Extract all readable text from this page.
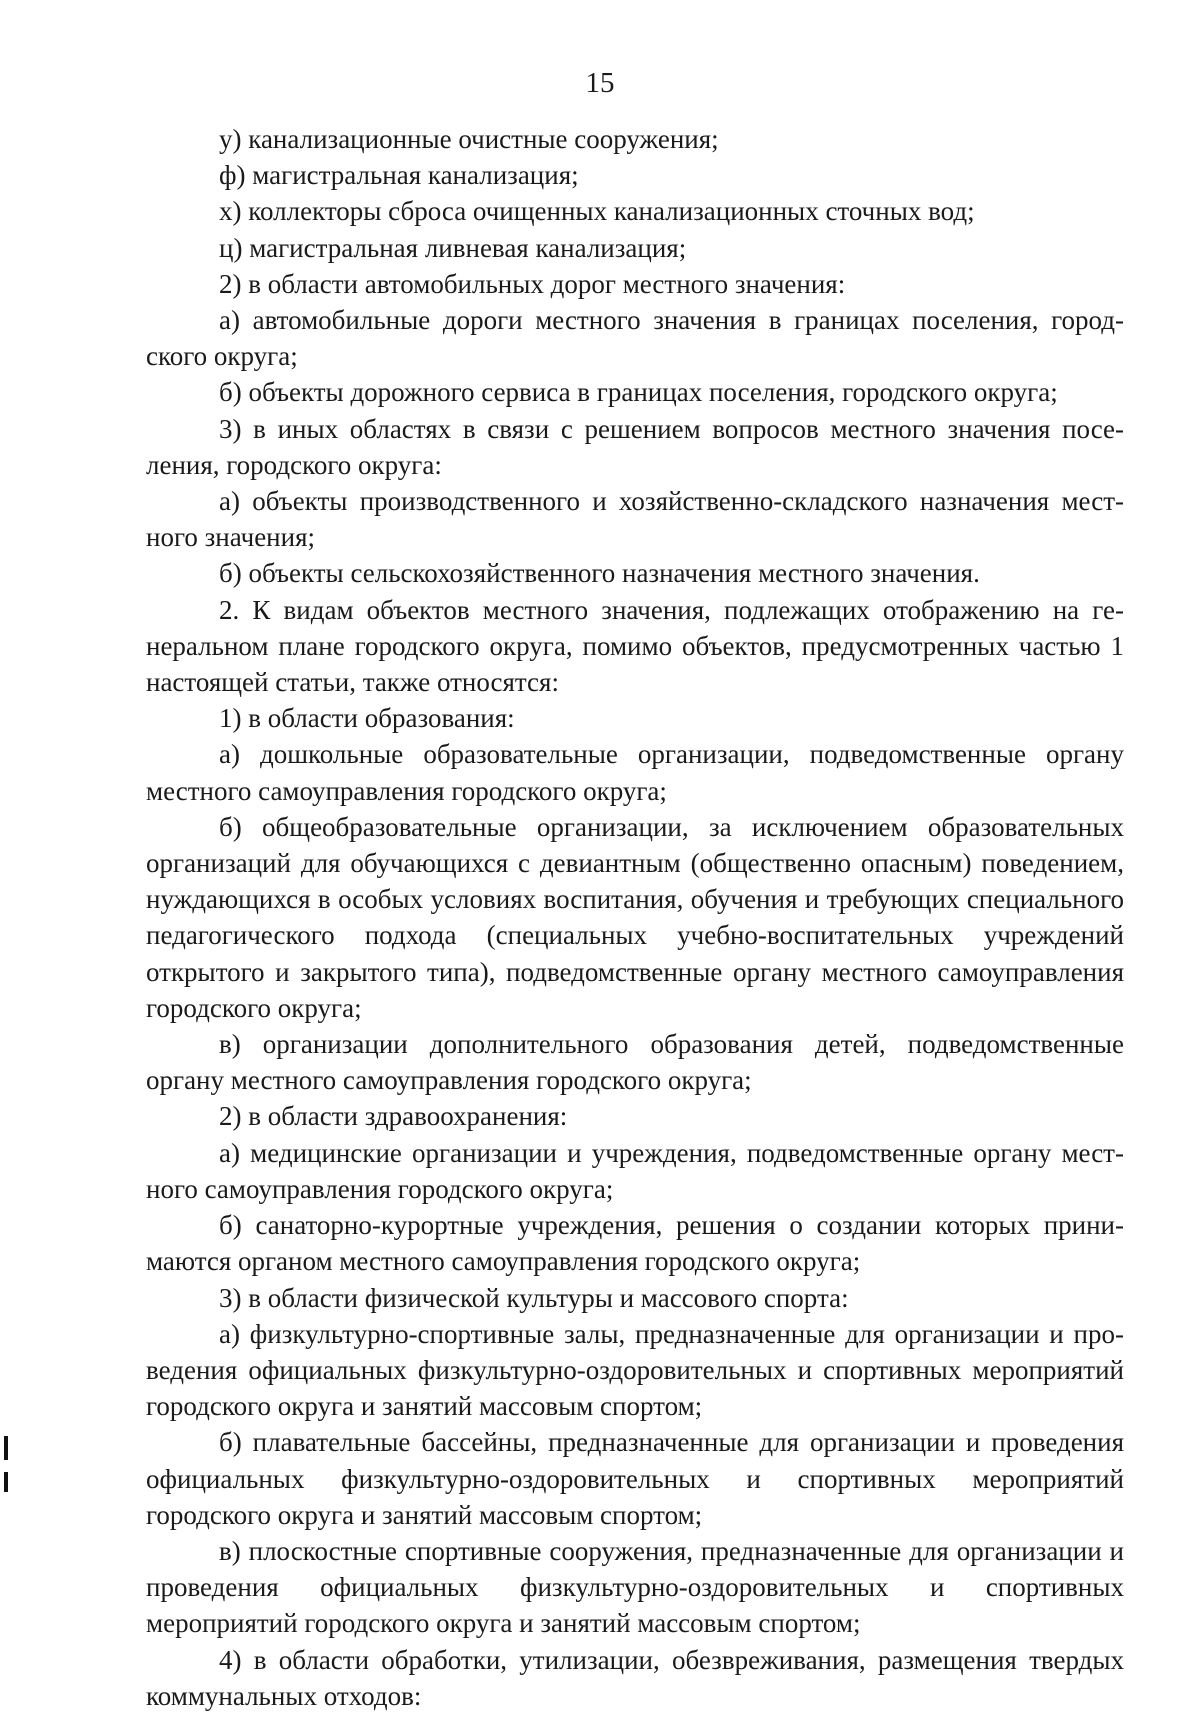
15

у) канализационные очистные сооружения;

ф) магистральная канализация;

х) коллекторы сброса очищенных канализационных сточных вод;

ц) магистральная ливневая канализация;

2) в области автомобильных дорог местного значения:

а) автомобильные дороги местного значения в границах поселения, городского округа;

б) объекты дорожного сервиса в границах поселения, городского округа;

3) в иных областях в связи с решением вопросов местного значения поселения, городского округа:

а) объекты производственного и хозяйственно-складского назначения местного значения;

б) объекты сельскохозяйственного назначения местного значения.

2. К видам объектов местного значения, подлежащих отображению на генеральном плане городского округа, помимо объектов, предусмотренных частью 1 настоящей статьи, также относятся:

1) в области образования:

а) дошкольные образовательные организации, подведомственные органу местного самоуправления городского округа;

б) общеобразовательные организации, за исключением образовательных организаций для обучающихся с девиантным (общественно опасным) поведением, нуждающихся в особых условиях воспитания, обучения и требующих специального педагогического подхода (специальных учебно-воспитательных учреждений открытого и закрытого типа), подведомственные органу местного самоуправления городского округа;

в) организации дополнительного образования детей, подведомственные органу местного самоуправления городского округа;

2) в области здравоохранения:

а) медицинские организации и учреждения, подведомственные органу местного самоуправления городского округа;

б) санаторно-курортные учреждения, решения о создании которых принимаются органом местного самоуправления городского округа;

3) в области физической культуры и массового спорта:

а) физкультурно-спортивные залы, предназначенные для организации и проведения официальных физкультурно-оздоровительных и спортивных мероприятий городского округа и занятий массовым спортом;

б) плавательные бассейны, предназначенные для организации и проведения официальных физкультурно-оздоровительных и спортивных мероприятий городского округа и занятий массовым спортом;

в) плоскостные спортивные сооружения, предназначенные для организации и проведения официальных физкультурно-оздоровительных и спортивных мероприятий городского округа и занятий массовым спортом;

4) в области обработки, утилизации, обезвреживания, размещения твердых коммунальных отходов:
